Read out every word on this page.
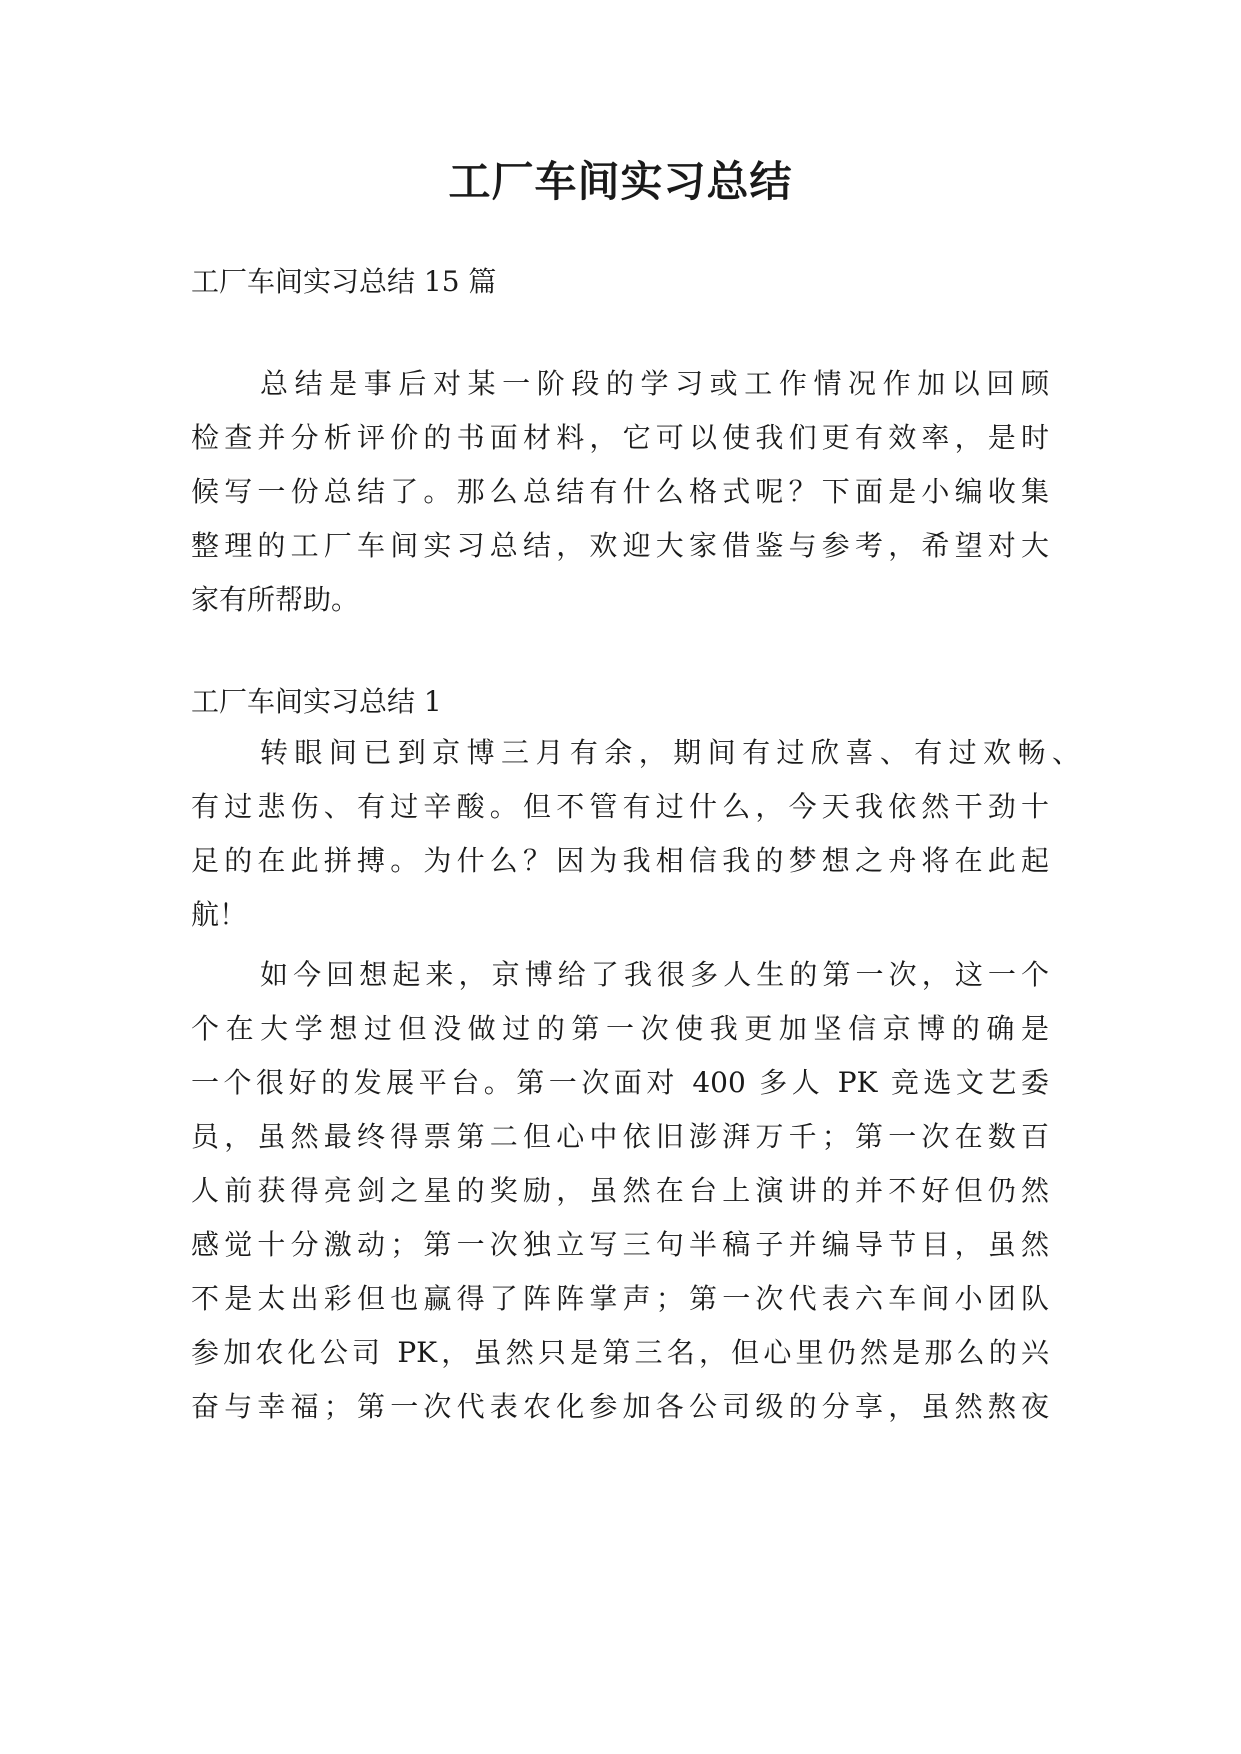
工厂车间实习总结
工厂车间实习总结 15 篇
总结是事后对某一阶段的学习或工作情况作加以回顾
检查并分析评价的书面材料，它可以使我们更有效率，是时
候写一份总结了。那么总结有什么格式呢？下面是小编收集
整理的工厂车间实习总结，欢迎大家借鉴与参考，希望对大
家有所帮助。
工厂车间实习总结 1
转眼间已到京博三月有余，期间有过欣喜、有过欢畅、
有过悲伤、有过辛酸。但不管有过什么，今天我依然干劲十
足的在此拼搏。为什么？因为我相信我的梦想之舟将在此起
航！
如今回想起来，京博给了我很多人生的第一次，这一个
个在大学想过但没做过的第一次使我更加坚信京博的确是
一个很好的发展平台。第一次面对 400 多人 PK 竞选文艺委
员，虽然最终得票第二但心中依旧澎湃万千；第一次在数百
人前获得亮剑之星的奖励，虽然在台上演讲的并不好但仍然
感觉十分激动；第一次独立写三句半稿子并编导节目，虽然
不是太出彩但也赢得了阵阵掌声；第一次代表六车间小团队
参加农化公司 PK，虽然只是第三名，但心里仍然是那么的兴
奋与幸福；第一次代表农化参加各公司级的分享，虽然熬夜
